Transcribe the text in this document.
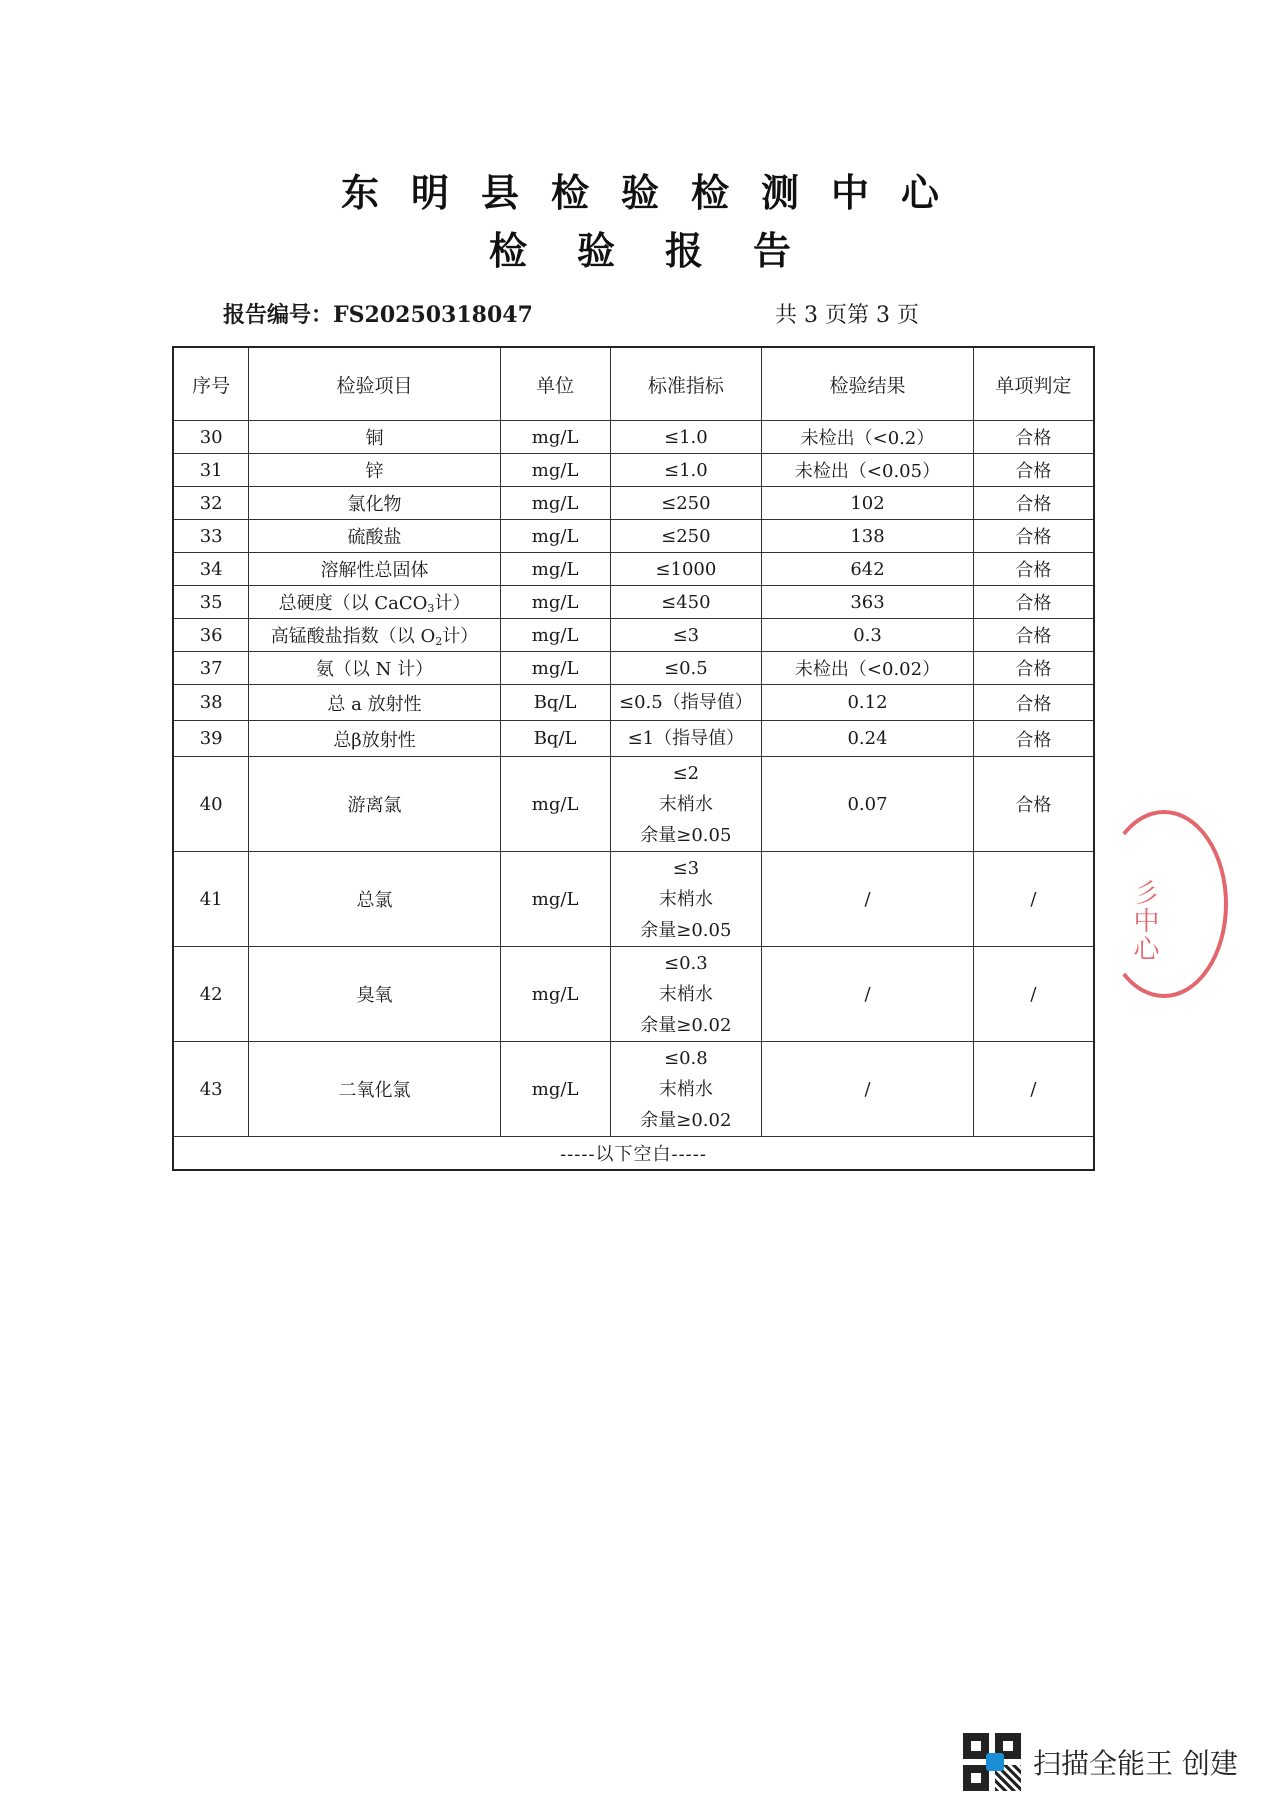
东明县检验检测中心
检验报告
报告编号：FS20250318047	共 3 页第 3 页
序号	检验项目	单位	标准指标	检验结果	单项判定
30	铜	mg/L	≤1.0	未检出（<0.2）	合格
31	锌	mg/L	≤1.0	未检出（<0.05）	合格
32	氯化物	mg/L	≤250	102	合格
33	硫酸盐	mg/L	≤250	138	合格
34	溶解性总固体	mg/L	≤1000	642	合格
35	总硬度（以 CaCO$_3$计）	mg/L	≤450	363	合格
36	高锰酸盐指数（以 $O_2$计）	mg/L	≤3	0.3	合格
37	氨（以 N 计）	mg/L	≤0.5	未检出（<0.02）	合格
38	总 a 放射性	Bq/L	≤0.5（指导值）	0.12	合格
39	总β放射性	Bq/L	≤1（指导值）	0.24	合格
40	游离氯	mg/L	≤2
末梢水
余量≥0.05	0.07	合格
41	总氯	mg/L	≤3
末梢水
余量≥0.05	/	/
42	臭氧	mg/L	≤0.3
末梢水
余量≥0.02	/	/
43	二氧化氯	mg/L	≤0.8
末梢水
余量≥0.02	/	/
-----以下空白-----					
彡中心
扫描全能王 创建
